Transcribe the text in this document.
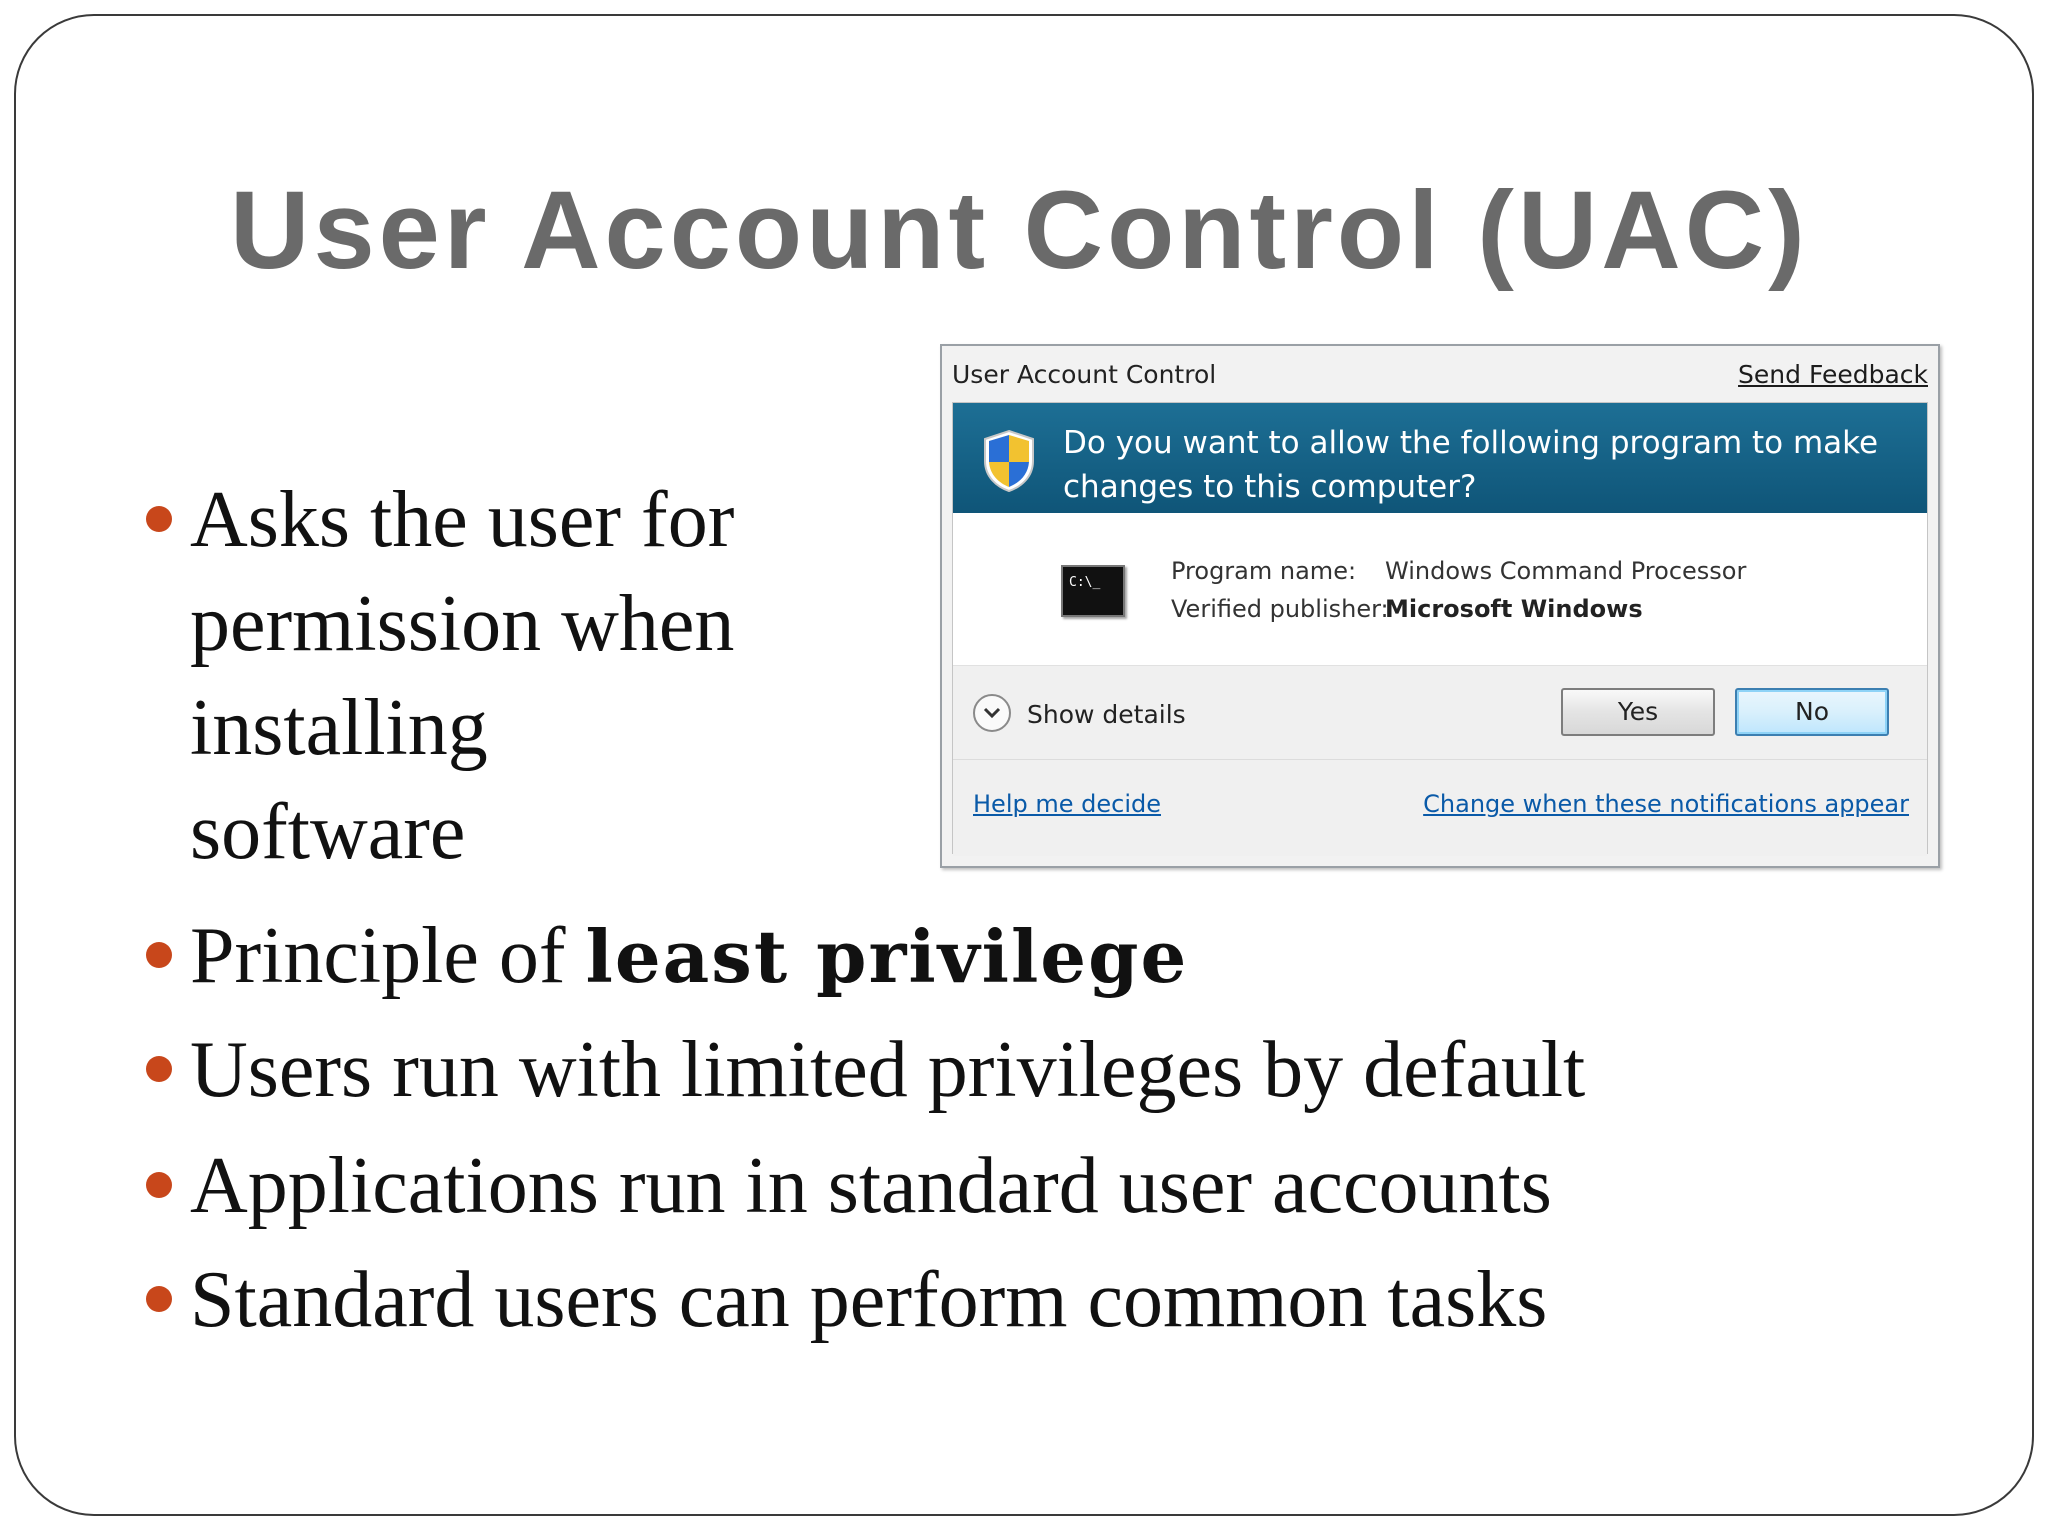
User Account Control (UAC)
Asks the user for
permission when
installing
software
Principle of least privilege
Users run with limited privileges by default
Applications run in standard user accounts
Standard users can perform common tasks
User Account Control	Send Feedback
Do you want to allow the following program to make changes to this computer?
C:\_	Program name: Windows Command Processor
Verified publisher:
Microsoft Windows
Show details	Yes	No
Help me decide	Change when these notifications appear
